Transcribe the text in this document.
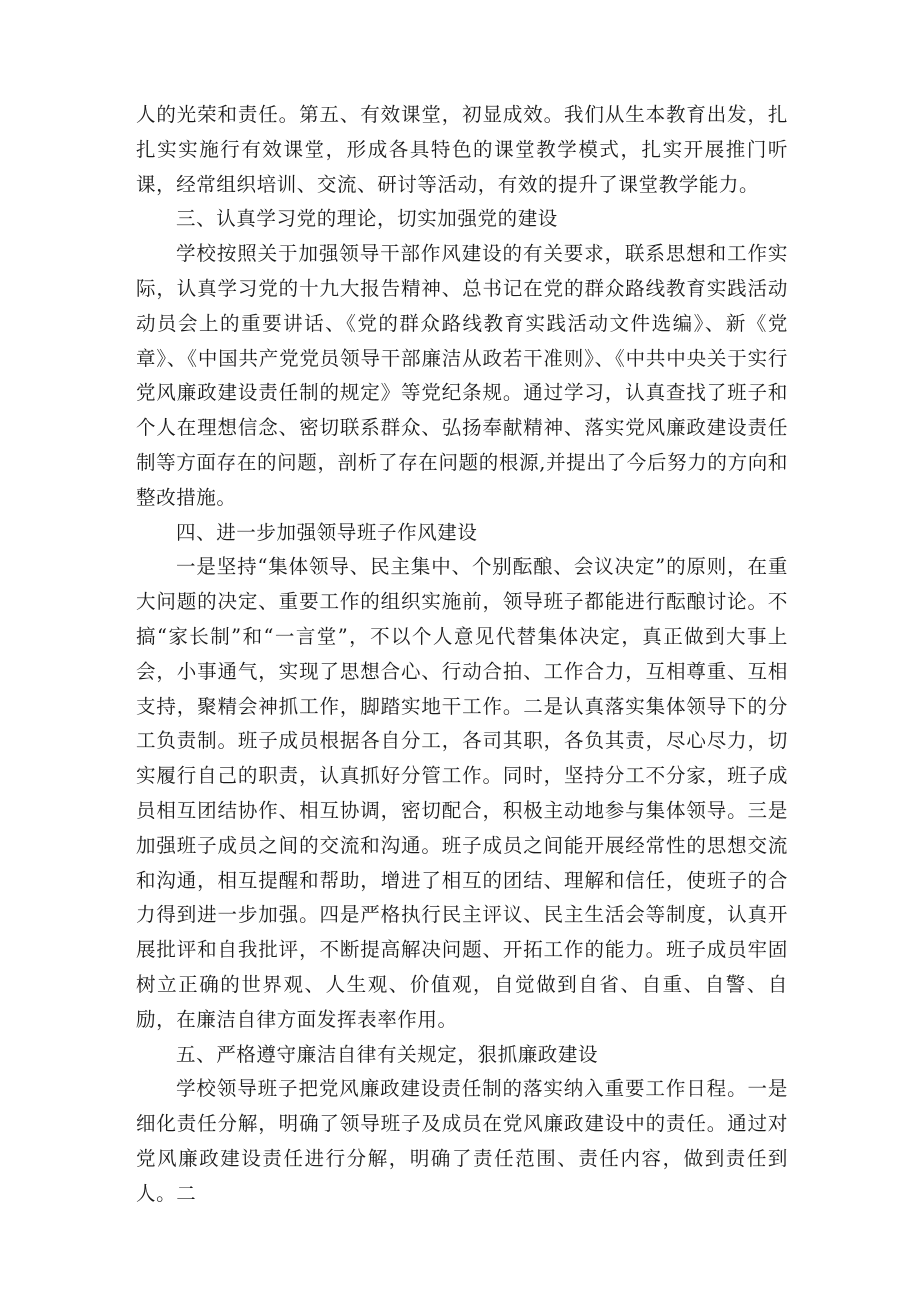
人的光荣和责任。第五、有效课堂，初显成效。我们从生本教育出发，扎扎实实施行有效课堂，形成各具特色的课堂教学模式，扎实开展推门听课，经常组织培训、交流、研讨等活动，有效的提升了课堂教学能力。

三、认真学习党的理论，切实加强党的建设

学校按照关于加强领导干部作风建设的有关要求，联系思想和工作实际，认真学习党的十九大报告精神、总书记在党的群众路线教育实践活动动员会上的重要讲话、《党的群众路线教育实践活动文件选编》、新《党章》、《中国共产党党员领导干部廉洁从政若干准则》、《中共中央关于实行党风廉政建设责任制的规定》等党纪条规。通过学习，认真查找了班子和个人在理想信念、密切联系群众、弘扬奉献精神、落实党风廉政建设责任制等方面存在的问题，剖析了存在问题的根源,并提出了今后努力的方向和整改措施。

四、进一步加强领导班子作风建设

一是坚持“集体领导、民主集中、个别酝酿、会议决定”的原则，在重大问题的决定、重要工作的组织实施前，领导班子都能进行酝酿讨论。不搞“家长制”和“一言堂”，不以个人意见代替集体决定，真正做到大事上会，小事通气，实现了思想合心、行动合拍、工作合力，互相尊重、互相支持，聚精会神抓工作，脚踏实地干工作。二是认真落实集体领导下的分工负责制。班子成员根据各自分工，各司其职，各负其责，尽心尽力，切实履行自己的职责，认真抓好分管工作。同时，坚持分工不分家，班子成员相互团结协作、相互协调，密切配合，积极主动地参与集体领导。三是加强班子成员之间的交流和沟通。班子成员之间能开展经常性的思想交流和沟通，相互提醒和帮助，增进了相互的团结、理解和信任，使班子的合力得到进一步加强。四是严格执行民主评议、民主生活会等制度，认真开展批评和自我批评，不断提高解决问题、开拓工作的能力。班子成员牢固树立正确的世界观、人生观、价值观，自觉做到自省、自重、自警、自励，在廉洁自律方面发挥表率作用。

五、严格遵守廉洁自律有关规定，狠抓廉政建设

学校领导班子把党风廉政建设责任制的落实纳入重要工作日程。一是细化责任分解，明确了领导班子及成员在党风廉政建设中的责任。通过对党风廉政建设责任进行分解，明确了责任范围、责任内容，做到责任到人。二
